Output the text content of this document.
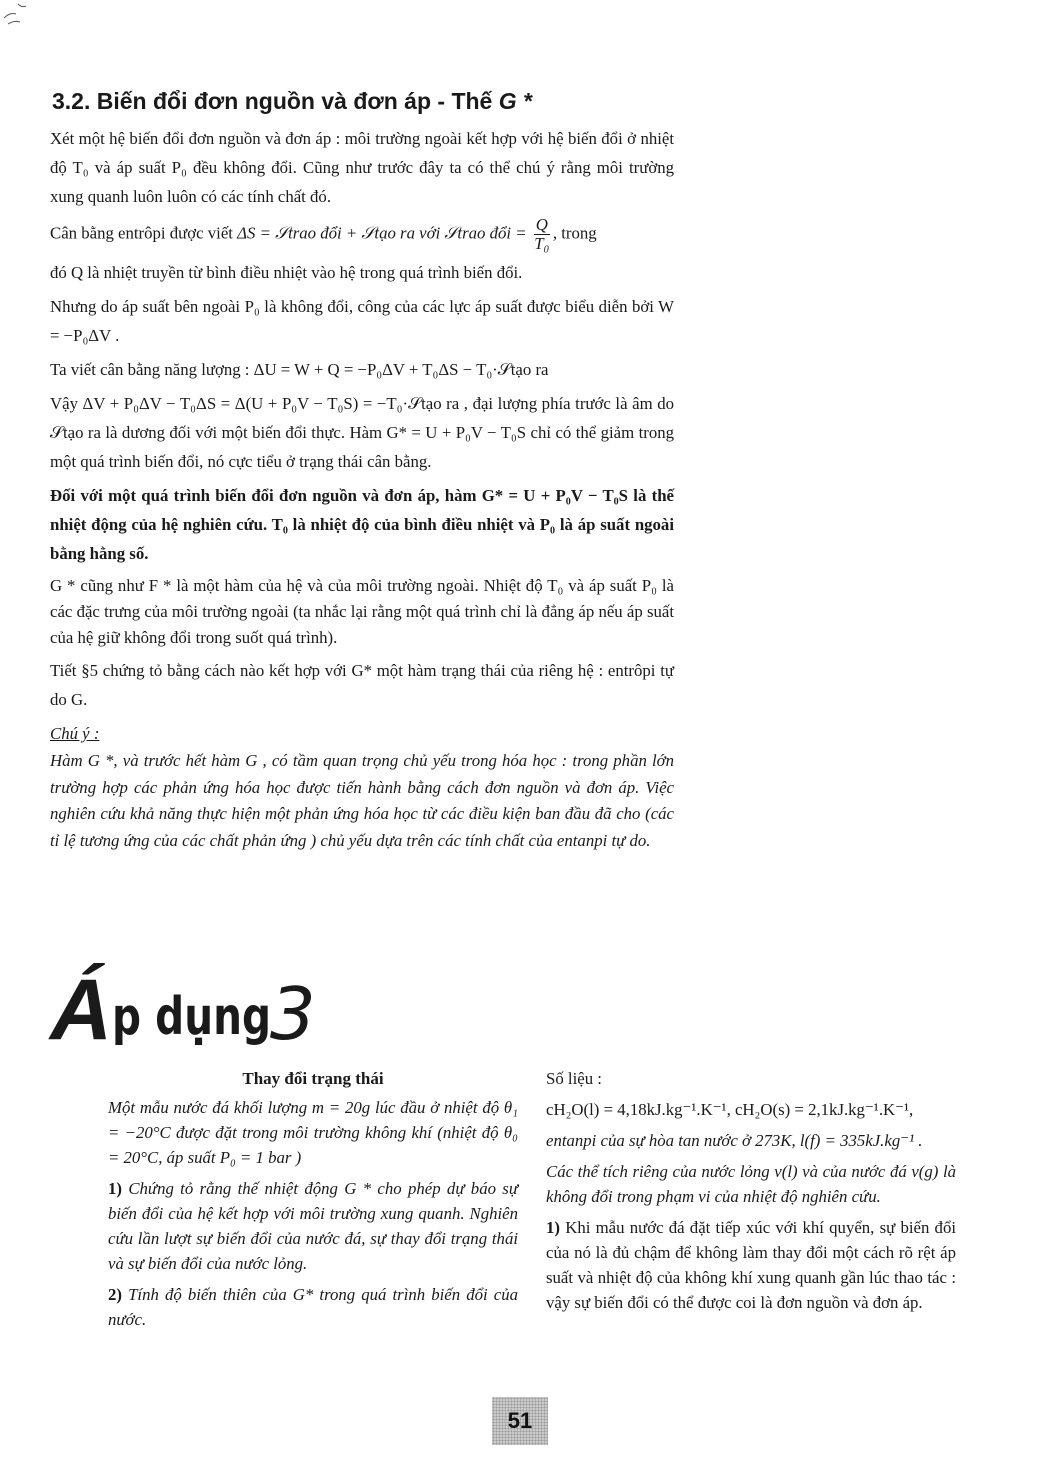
3.2. Biến đổi đơn nguồn và đơn áp - Thế G *

Xét một hệ biến đổi đơn nguồn và đơn áp : môi trường ngoài kết hợp với hệ biến đổi ở nhiệt độ T₀ và áp suất P₀ đều không đổi. Cũng như trước đây ta có thể chú ý rằng môi trường xung quanh luôn luôn có các tính chất đó.

Cân bằng entrôpi được viết ΔS = 𝒮trao đổi + 𝒮tạo ra với 𝒮trao đổi = $\frac{Q}{\text{T₀}}$ , trong

đó Q là nhiệt truyền từ bình điều nhiệt vào hệ trong quá trình biến đổi.

Nhưng do áp suất bên ngoài P₀ là không đổi, công của các lực áp suất được biểu diễn bởi W = −P₀ΔV .

Ta viết cân bằng năng lượng : ΔU = W + Q = −P₀ΔV + T₀ΔS − T₀·𝒮tạo ra

Vậy ΔV + P₀ΔV − T₀ΔS = Δ(U + P₀V − T₀S) = −T₀·𝒮tạo ra , đại lượng phía trước là âm do 𝒮tạo ra là dương đối với một biến đổi thực. Hàm G* = U + P₀V − T₀S chỉ có thể giảm trong một quá trình biến đổi, nó cực tiểu ở trạng thái cân bằng.

Đối với một quá trình biến đổi đơn nguồn và đơn áp, hàm G* = U + P₀V − T₀S là thế nhiệt động của hệ nghiên cứu. T₀ là nhiệt độ của bình điều nhiệt và P₀ là áp suất ngoài bằng hằng số.

G * cũng như F * là một hàm của hệ và của môi trường ngoài. Nhiệt độ T₀ và áp suất P₀ là các đặc trưng của môi trường ngoài (ta nhắc lại rằng một quá trình chỉ là đẳng áp nếu áp suất của hệ giữ không đổi trong suốt quá trình).

Tiết §5 chứng tỏ bằng cách nào kết hợp với G* một hàm trạng thái của riêng hệ : entrôpi tự do G.

Chú ý :

Hàm G *, và trước hết hàm G , có tầm quan trọng chủ yếu trong hóa học : trong phần lớn trường hợp các phản ứng hóa học được tiến hành bằng cách đơn nguồn và đơn áp. Việc nghiên cứu khả năng thực hiện một phản ứng hóa học từ các điều kiện ban đầu đã cho (các tỉ lệ tương ứng của các chất phản ứng ) chủ yếu dựa trên các tính chất của entanpi tự do.

Á p dụng
3
Thay đổi trạng thái

Một mẫu nước đá khối lượng m = 20g lúc đầu ở nhiệt độ θ₁ = −20°C được đặt trong môi trường không khí (nhiệt độ θ₀ = 20°C, áp suất P₀ = 1 bar )

1) Chứng tỏ rằng thế nhiệt động G * cho phép dự báo sự biến đổi của hệ kết hợp với môi trường xung quanh. Nghiên cứu lần lượt sự biến đổi của nước đá, sự thay đổi trạng thái và sự biến đổi của nước lỏng.

2) Tính độ biến thiên của G* trong quá trình biến đổi của nước.

Số liệu :

cH₂O(l) = 4,18kJ.kg⁻¹.K⁻¹, cH₂O(s) = 2,1kJ.kg⁻¹.K⁻¹,

entanpi của sự hòa tan nước ở 273K, l(f) = 335kJ.kg⁻¹ .

Các thể tích riêng của nước lỏng v(l) và của nước đá v(g) là không đổi trong phạm vi của nhiệt độ nghiên cứu.

1) Khi mẫu nước đá đặt tiếp xúc với khí quyển, sự biến đổi của nó là đủ chậm để không làm thay đổi một cách rõ rệt áp suất và nhiệt độ của không khí xung quanh gần lúc thao tác : vậy sự biến đổi có thể được coi là đơn nguồn và đơn áp.

51
